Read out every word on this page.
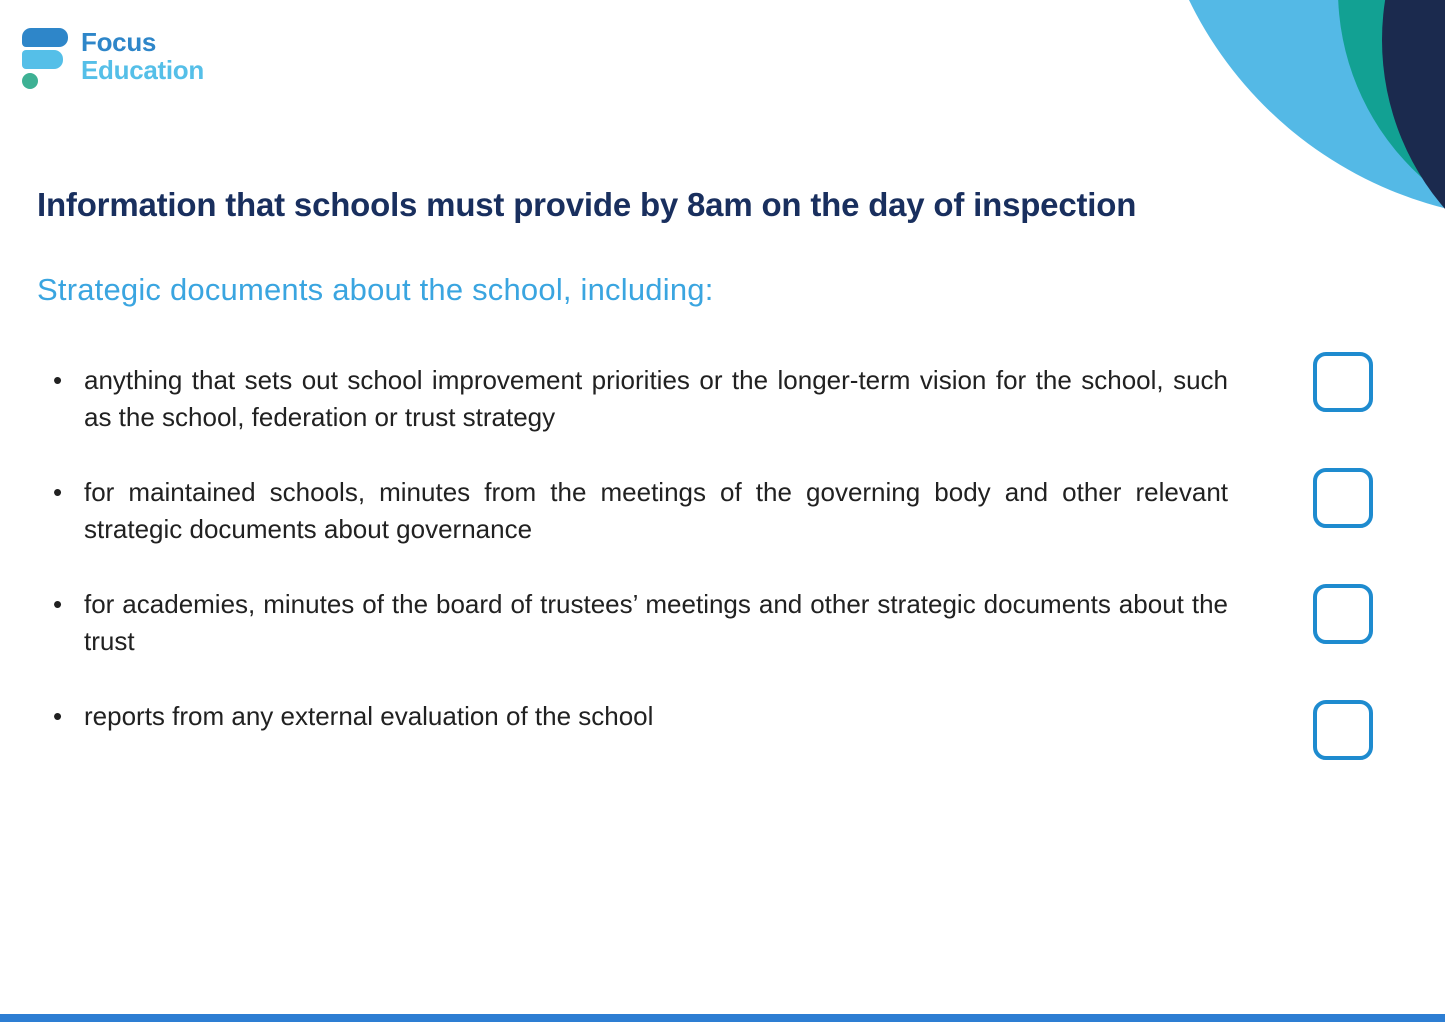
Focus
Education
Information that schools must provide by 8am on the day of inspection
Strategic documents about the school, including:
• anything that sets out school improvement priorities or the longer-term vision for the school, such as the school, federation or trust strategy
• for maintained schools, minutes from the meetings of the governing body and other relevant strategic documents about governance
• for academies, minutes of the board of trustees’ meetings and other strategic documents about the trust
• reports from any external evaluation of the school
